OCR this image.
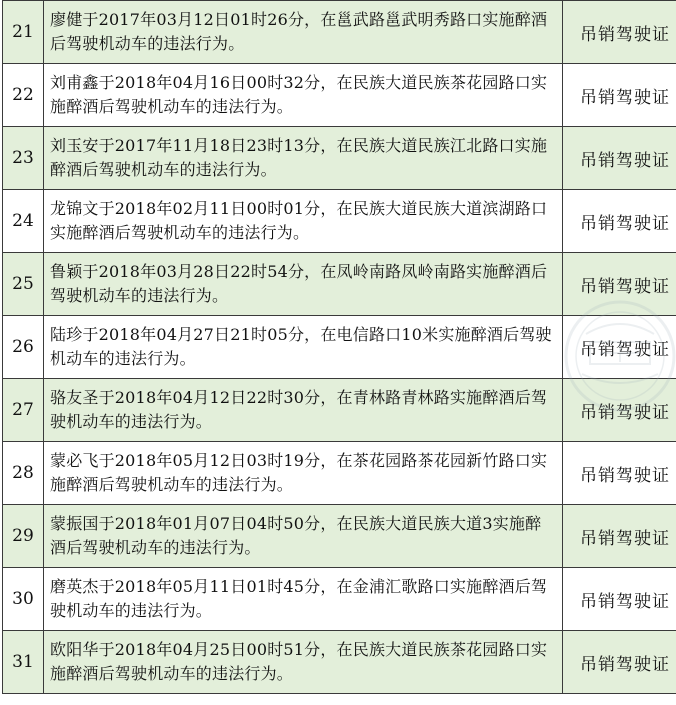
21	廖健于2017年03月12日01时26分，在邕武路邕武明秀路口实施醉酒后驾驶机动车的违法行为。	吊销驾驶证
22	刘甫鑫于2018年04月16日00时32分，在民族大道民族茶花园路口实施醉酒后驾驶机动车的违法行为。	吊销驾驶证
23	刘玉安于2017年11月18日23时13分，在民族大道民族江北路口实施醉酒后驾驶机动车的违法行为。	吊销驾驶证
24	龙锦文于2018年02月11日00时01分，在民族大道民族大道滨湖路口实施醉酒后驾驶机动车的违法行为。	吊销驾驶证
25	鲁颖于2018年03月28日22时54分，在凤岭南路凤岭南路实施醉酒后驾驶机动车的违法行为。	吊销驾驶证
26	陆珍于2018年04月27日21时05分，在电信路口10米实施醉酒后驾驶机动车的违法行为。	吊销驾驶证
27	骆友圣于2018年04月12日22时30分，在青林路青林路实施醉酒后驾驶机动车的违法行为。	吊销驾驶证
28	蒙必飞于2018年05月12日03时19分，在茶花园路茶花园新竹路口实施醉酒后驾驶机动车的违法行为。	吊销驾驶证
29	蒙振国于2018年01月07日04时50分，在民族大道民族大道3实施醉酒后驾驶机动车的违法行为。	吊销驾驶证
30	磨英杰于2018年05月11日01时45分，在金浦汇歌路口实施醉酒后驾驶机动车的违法行为。	吊销驾驶证
31	欧阳华于2018年04月25日00时51分，在民族大道民族茶花园路口实施醉酒后驾驶机动车的违法行为。	吊销驾驶证
